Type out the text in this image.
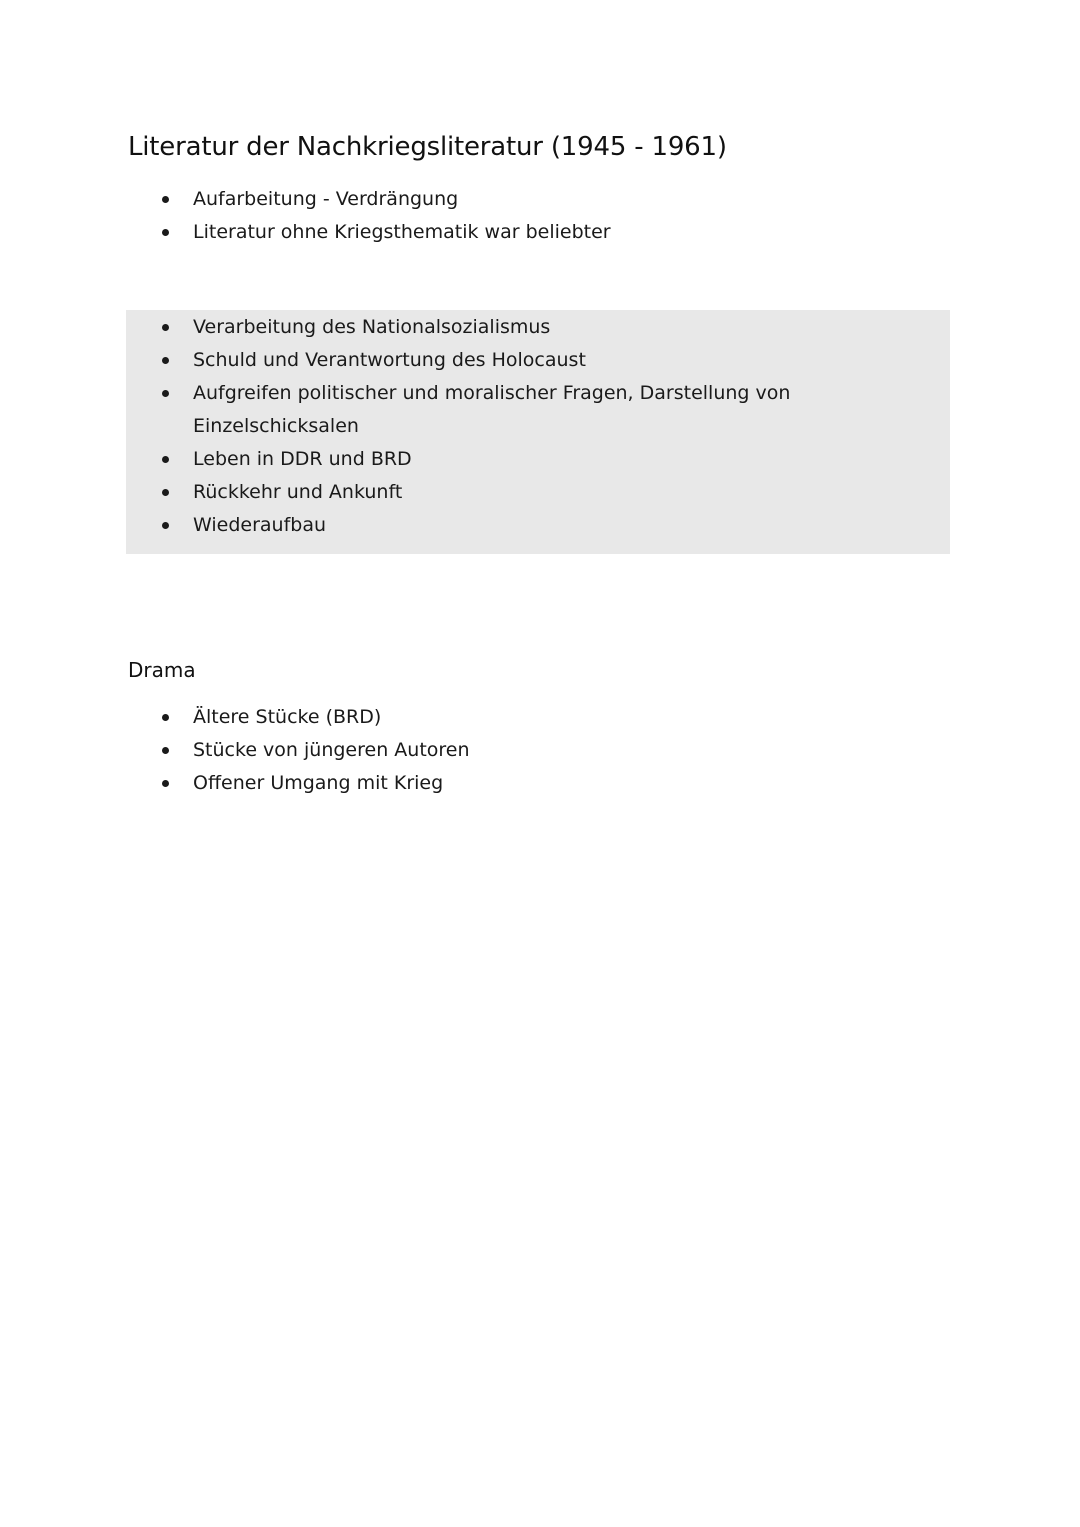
Literatur der Nachkriegsliteratur (1945 - 1961)
Aufarbeitung - Verdrängung
Literatur ohne Kriegsthematik war beliebter
Verarbeitung des Nationalsozialismus
Schuld und Verantwortung des Holocaust
Aufgreifen politischer und moralischer Fragen, Darstellung von Einzelschicksalen
Leben in DDR und BRD
Rückkehr und Ankunft
Wiederaufbau
Drama
Ältere Stücke (BRD)
Stücke von jüngeren Autoren
Offener Umgang mit Krieg
